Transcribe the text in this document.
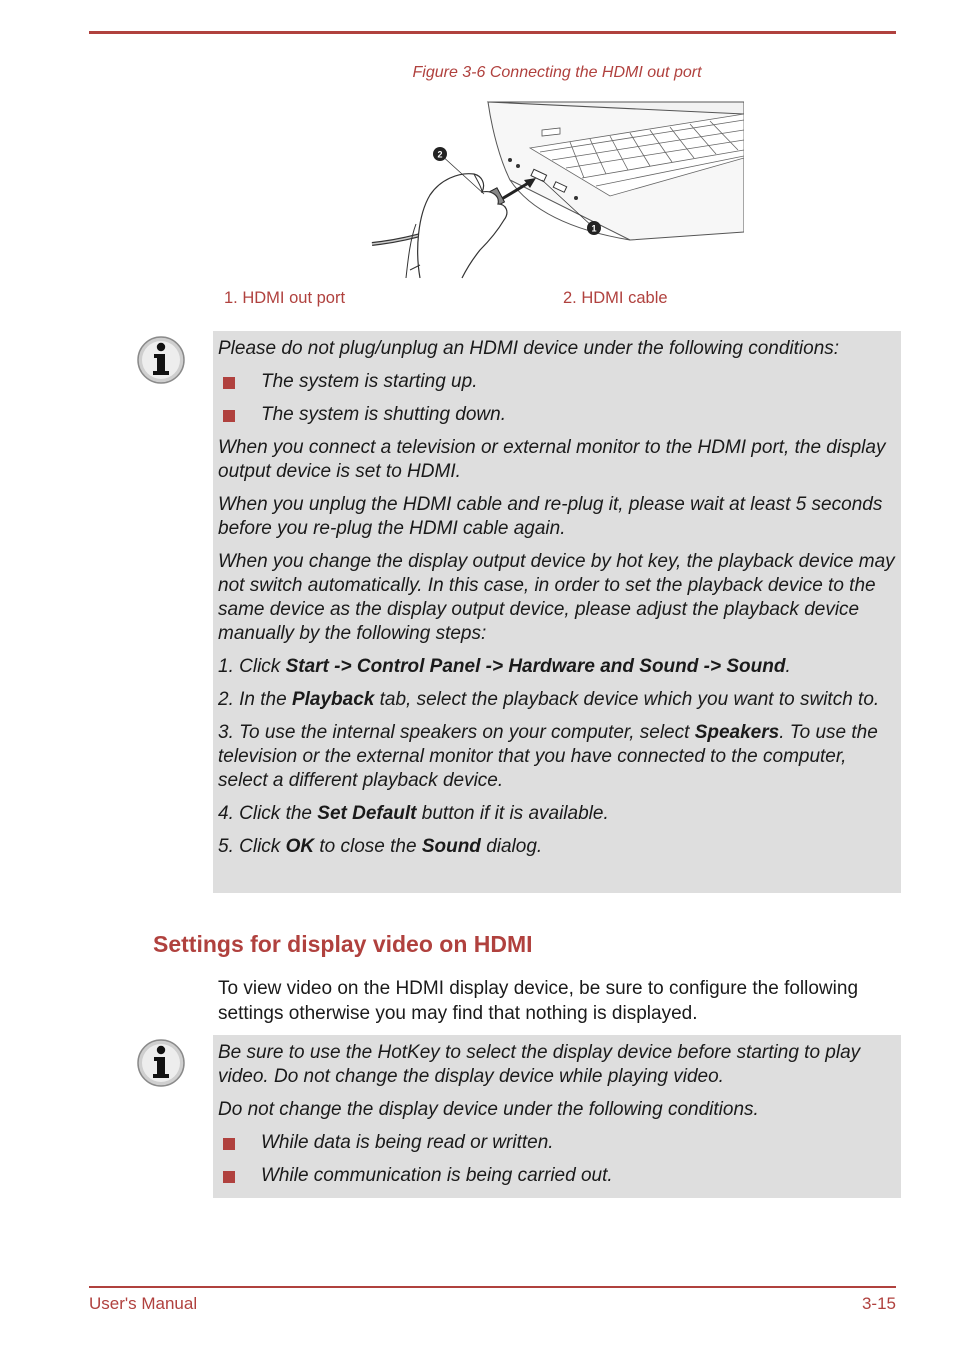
Figure 3-6 Connecting the HDMI out port
2
1
1. HDMI out port	2. HDMI cable

Please do not plug/unplug an HDMI device under the following conditions:

The system is starting up.
The system is shutting down.

When you connect a television or external monitor to the HDMI port, the display output device is set to HDMI.

When you unplug the HDMI cable and re-plug it, please wait at least 5 seconds before you re-plug the HDMI cable again.

When you change the display output device by hot key, the playback device may not switch automatically. In this case, in order to set the playback device to the same device as the display output device, please adjust the playback device manually by the following steps:

1. Click Start -> Control Panel -> Hardware and Sound -> Sound.

2. In the Playback tab, select the playback device which you want to switch to.

3. To use the internal speakers on your computer, select Speakers. To use the television or the external monitor that you have connected to the computer, select a different playback device.

4. Click the Set Default button if it is available.

5. Click OK to close the Sound dialog.

Settings for display video on HDMI

To view video on the HDMI display device, be sure to configure the following settings otherwise you may find that nothing is displayed.

Be sure to use the HotKey to select the display device before starting to play video. Do not change the display device while playing video.

Do not change the display device under the following conditions.

While data is being read or written.
While communication is being carried out.
User's Manual	3-15
